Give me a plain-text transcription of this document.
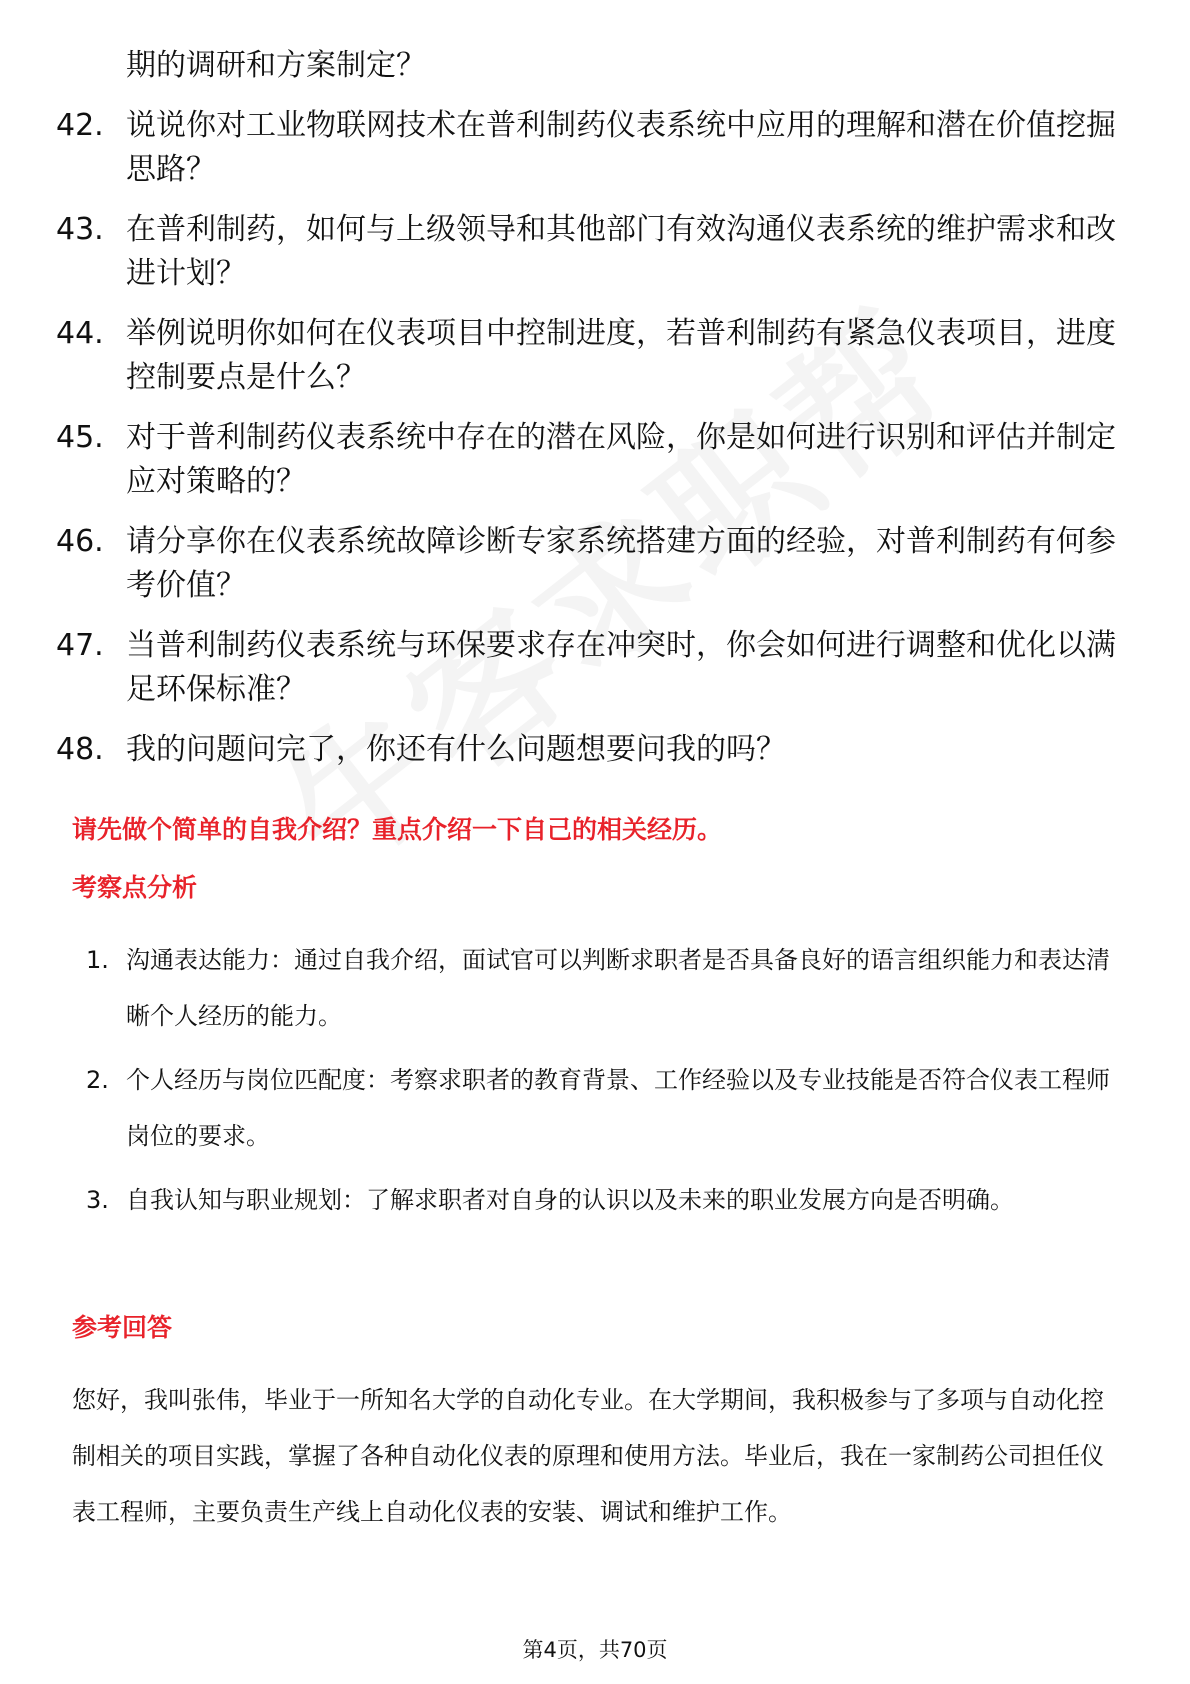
期的调研和方案制定？
42. 说说你对工业物联网技术在普利制药仪表系统中应用的理解和潜在价值挖掘思路？
43. 在普利制药，如何与上级领导和其他部门有效沟通仪表系统的维护需求和改进计划？
44. 举例说明你如何在仪表项目中控制进度，若普利制药有紧急仪表项目，进度控制要点是什么？
45. 对于普利制药仪表系统中存在的潜在风险，你是如何进行识别和评估并制定应对策略的？
46. 请分享你在仪表系统故障诊断专家系统搭建方面的经验，对普利制药有何参考价值？
47. 当普利制药仪表系统与环保要求存在冲突时，你会如何进行调整和优化以满足环保标准？
48. 我的问题问完了，你还有什么问题想要问我的吗？
请先做个简单的自我介绍？重点介绍一下自己的相关经历。
考察点分析
1. 沟通表达能力：通过自我介绍，面试官可以判断求职者是否具备良好的语言组织能力和表达清晰个人经历的能力。
2. 个人经历与岗位匹配度：考察求职者的教育背景、工作经验以及专业技能是否符合仪表工程师岗位的要求。
3. 自我认知与职业规划：了解求职者对自身的认识以及未来的职业发展方向是否明确。
参考回答

您好，我叫张伟，毕业于一所知名大学的自动化专业。在大学期间，我积极参与了多项与自动化控制相关的项目实践，掌握了各种自动化仪表的原理和使用方法。毕业后，我在一家制药公司担任仪表工程师，主要负责生产线上自动化仪表的安装、调试和维护工作。

第4页，共70页
